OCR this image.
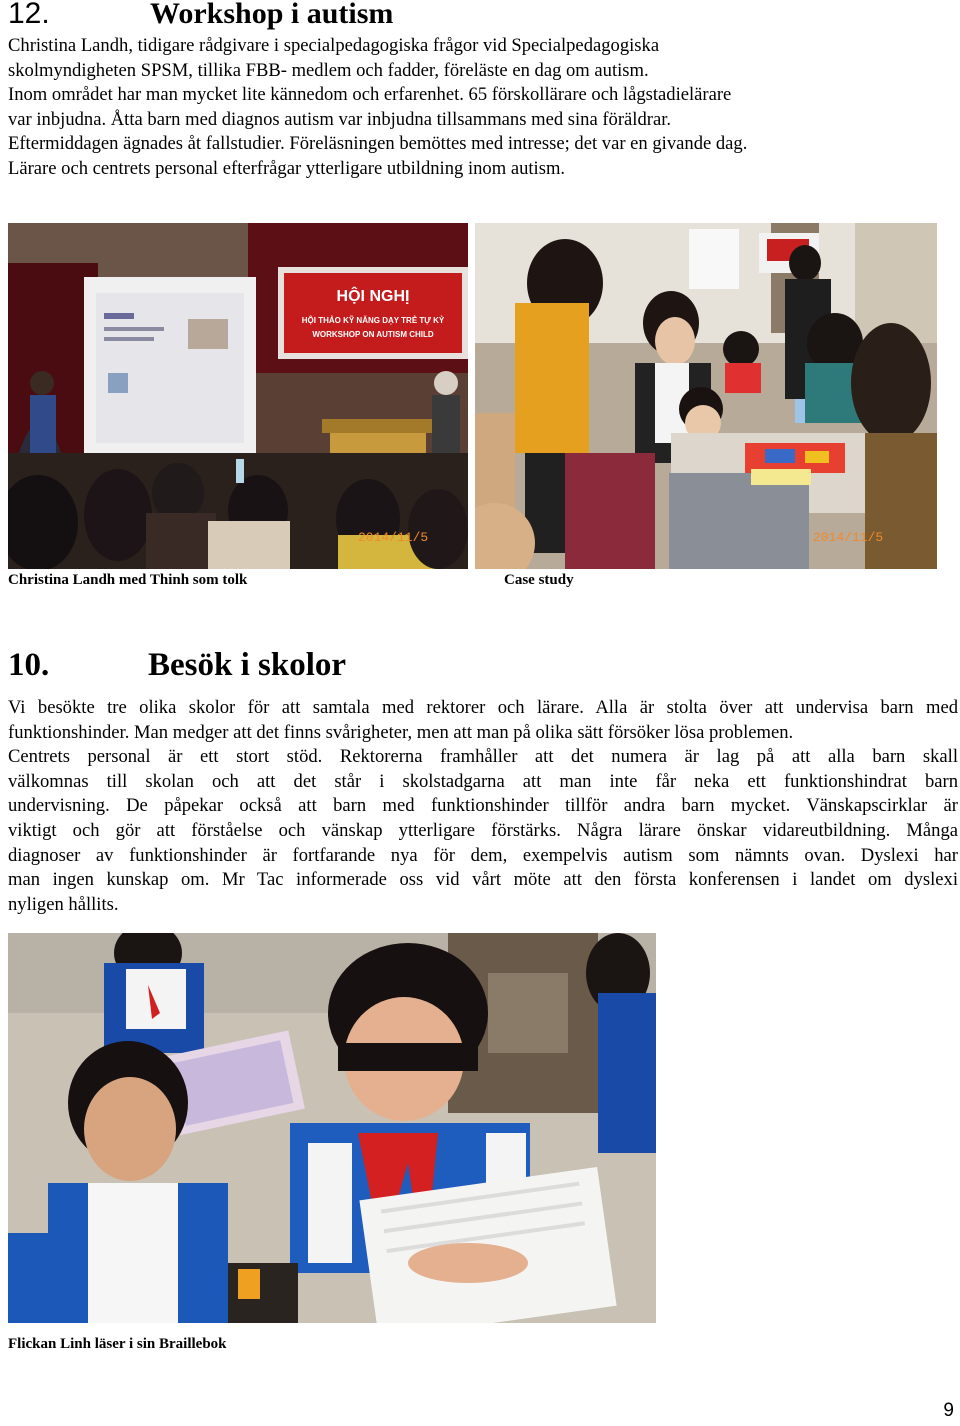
12.	Workshop i autism

Christina Landh, tidigare rådgivare i specialpedagogiska frågor vid Specialpedagogiska

skolmyndigheten SPSM, tillika FBB- medlem och fadder, föreläste en dag om autism.

Inom området har man mycket lite kännedom och erfarenhet. 65 förskollärare och lågstadielärare

var inbjudna. Åtta barn med diagnos autism var inbjudna tillsammans med sina föräldrar.

Eftermiddagen ägnades åt fallstudier. Föreläsningen bemöttes med intresse; det var en givande dag.

Lärare och centrets personal efterfrågar ytterligare utbildning inom autism.

HỘI NGHỊ
HỘI THẢO KỸ NĂNG DẠY TRẺ TỰ KỶ
WORKSHOP ON AUTISM CHILD
2014/11/5	2014/11/5
Christina Landh med Thinh som tolk	Case study
10.	Besök i skolor

Vi besökte tre olika skolor för att samtala med rektorer och lärare. Alla är stolta över att undervisa barn med

funktionshinder. Man medger att det finns svårigheter, men att man på olika sätt försöker lösa problemen.

Centrets personal är ett stort stöd. Rektorerna framhåller att det numera är lag på att alla barn skall

välkomnas till skolan och att det står i skolstadgarna att man inte får neka ett funktionshindrat barn

undervisning. De påpekar också att barn med funktionshinder tillför andra barn mycket. Vänskapscirklar är

viktigt och gör att förståelse och vänskap ytterligare förstärks. Några lärare önskar vidareutbildning. Många

diagnoser av funktionshinder är fortfarande nya för dem, exempelvis autism som nämnts ovan. Dyslexi har

man ingen kunskap om. Mr Tac informerade oss vid vårt möte att den första konferensen i landet om dyslexi

nyligen hållits.

Flickan Linh läser i sin Braillebok
9
